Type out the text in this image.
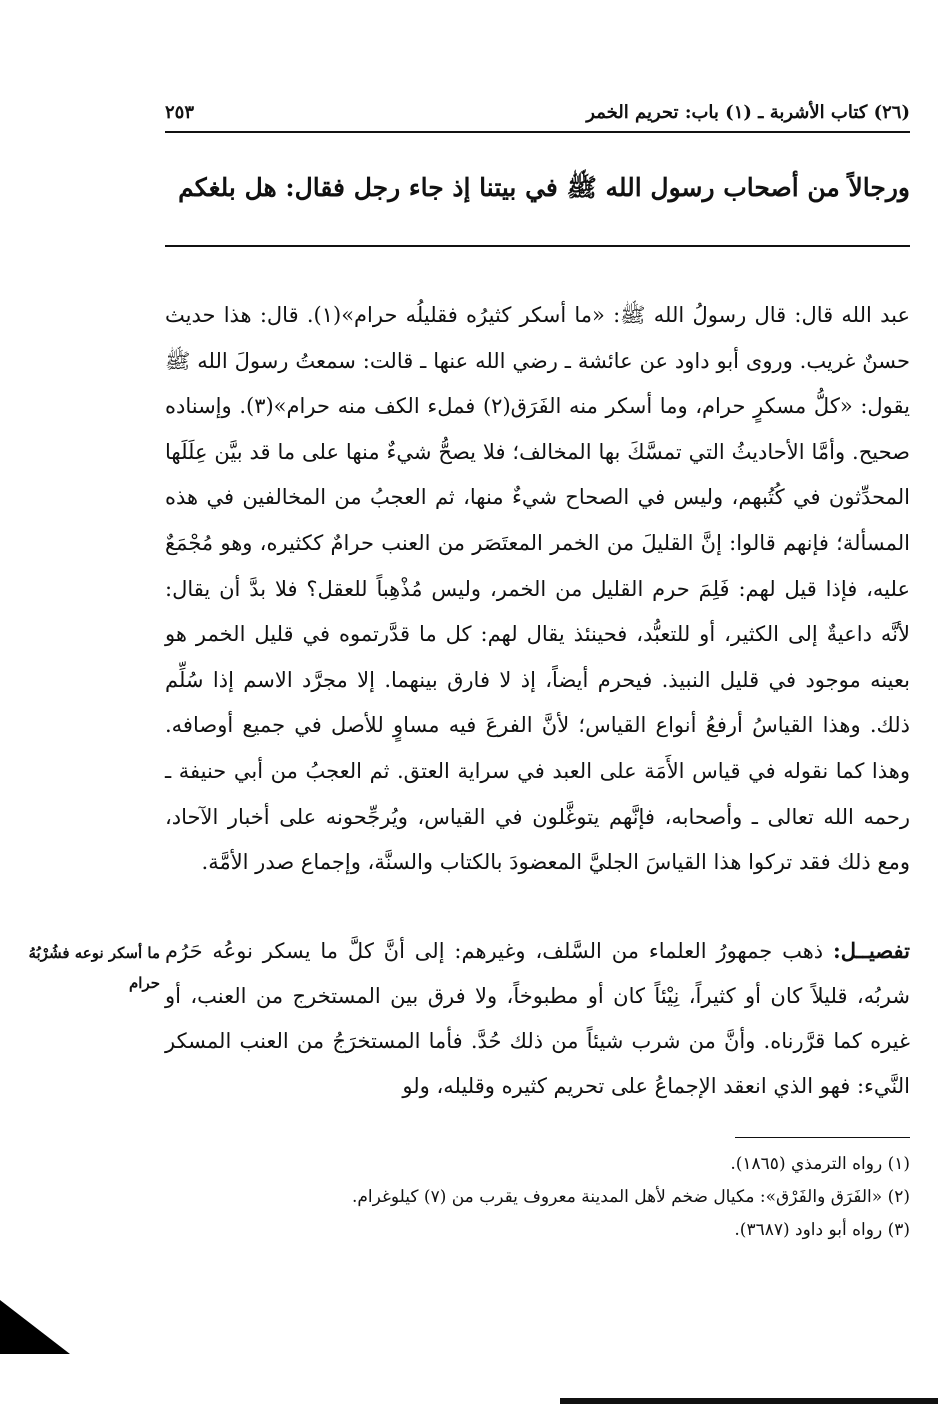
٢٥٣	(٢٦) كتاب الأشربة ـ (١) باب: تحريم الخمر
ورجالاً من أصحاب رسول الله ﷺ في بيتنا إذ جاء رجل فقال: هل بلغكم

عبد الله قال: قال رسولُ الله ﷺ: «ما أسكر كثيرُه فقليلُه حرام»(١). قال: هذا حديث حسنٌ غريب. وروى أبو داود عن عائشة ـ رضي الله عنها ـ قالت: سمعتُ رسولَ الله ﷺ يقول: «كلُّ مسكرٍ حرام، وما أسكر منه الفَرَق(٢) فملء الكف منه حرام»(٣). وإسناده صحيح. وأمَّا الأحاديثُ التي تمسَّكَ بها المخالف؛ فلا يصحُّ شيءٌ منها على ما قد بيَّن عِلَلَها المحدِّثون في كُتُبهم، وليس في الصحاح شيءٌ منها، ثم العجبُ من المخالفين في هذه المسألة؛ فإنهم قالوا: إنَّ القليلَ من الخمر المعتَصَر من العنب حرامٌ ككثيره، وهو مُجْمَعٌ عليه، فإذا قيل لهم: فَلِمَ حرم القليل من الخمر، وليس مُذْهِباً للعقل؟ فلا بدَّ أن يقال: لأنَّه داعيةٌ إلى الكثير، أو للتعبُّد، فحينئذ يقال لهم: كل ما قدَّرتموه في قليل الخمر هو بعينه موجود في قليل النبيذ. فيحرم أيضاً، إذ لا فارق بينهما. إلا مجرَّد الاسم إذا سُلِّم ذلك. وهذا القياسُ أرفعُ أنواع القياس؛ لأنَّ الفرعَ فيه مساوٍ للأصل في جميع أوصافه. وهذا كما نقوله في قياس الأَمَة على العبد في سراية العتق. ثم العجبُ من أبي حنيفة ـ رحمه الله تعالى ـ وأصحابه، فإنَّهم يتوغَّلون في القياس، ويُرجِّحونه على أخبار الآحاد، ومع ذلك فقد تركوا هذا القياسَ الجليَّ المعضودَ بالكتاب والسنَّة، وإجماع صدر الأمَّة.

تفصيــل: ذهب جمهورُ العلماء من السَّلف، وغيرهم: إلى أنَّ كلَّ ما يسكر نوعُه حَرُم شربُه، قليلاً كان أو كثيراً، نِيْئاً كان أو مطبوخاً، ولا فرق بين المستخرج من العنب، أو غيره كما قرَّرناه. وأنَّ من شرب شيئاً من ذلك حُدَّ. فأما المستخرَجُ من العنب المسكر النَّيء: فهو الذي انعقد الإجماعُ على تحريم كثيره وقليله، ولو

ما أسكر نوعه فشُرْبُهُ حرام
(١) رواه الترمذي (١٨٦٥).
(٢) «الفَرَق والفَرْق»: مكيال ضخم لأهل المدينة معروف يقرب من (٧) كيلوغرام.
(٣) رواه أبو داود (٣٦٨٧).
